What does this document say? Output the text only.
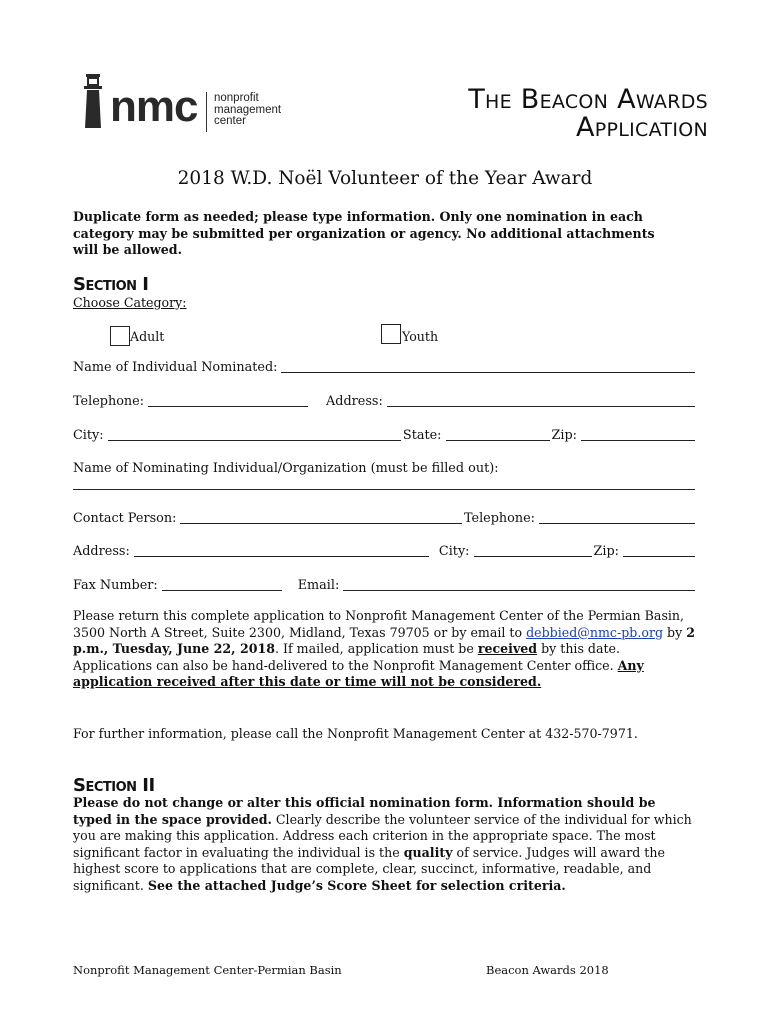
nmc nonprofit
management
center
The Beacon Awards
Application
2018 W.D. Noël Volunteer of the Year Award
Duplicate form as needed; please type information. Only one nomination in each category may be submitted per organization or agency. No additional attachments will be allowed.
Section I
Choose Category:
Adult	Youth
Name of Individual Nominated:
Telephone:	Address:
City:	State:	Zip:
Name of Nominating Individual/Organization (must be filled out):
Contact Person:	Telephone:
Address:	City:	Zip:
Fax Number:	Email:
Please return this complete application to Nonprofit Management Center of the Permian Basin, 3500 North A Street, Suite 2300, Midland, Texas 79705 or by email to debbied@nmc-pb.org by 2 p.m., Tuesday, June 22, 2018. If mailed, application must be received by this date. Applications can also be hand-delivered to the Nonprofit Management Center office. Any application received after this date or time will not be considered.
For further information, please call the Nonprofit Management Center at 432-570-7971.
Section II
Please do not change or alter this official nomination form. Information should be typed in the space provided. Clearly describe the volunteer service of the individual for which you are making this application. Address each criterion in the appropriate space. The most significant factor in evaluating the individual is the quality of service. Judges will award the highest score to applications that are complete, clear, succinct, informative, readable, and significant. See the attached Judge’s Score Sheet for selection criteria.
Nonprofit Management Center-Permian Basin	Beacon Awards 2018
